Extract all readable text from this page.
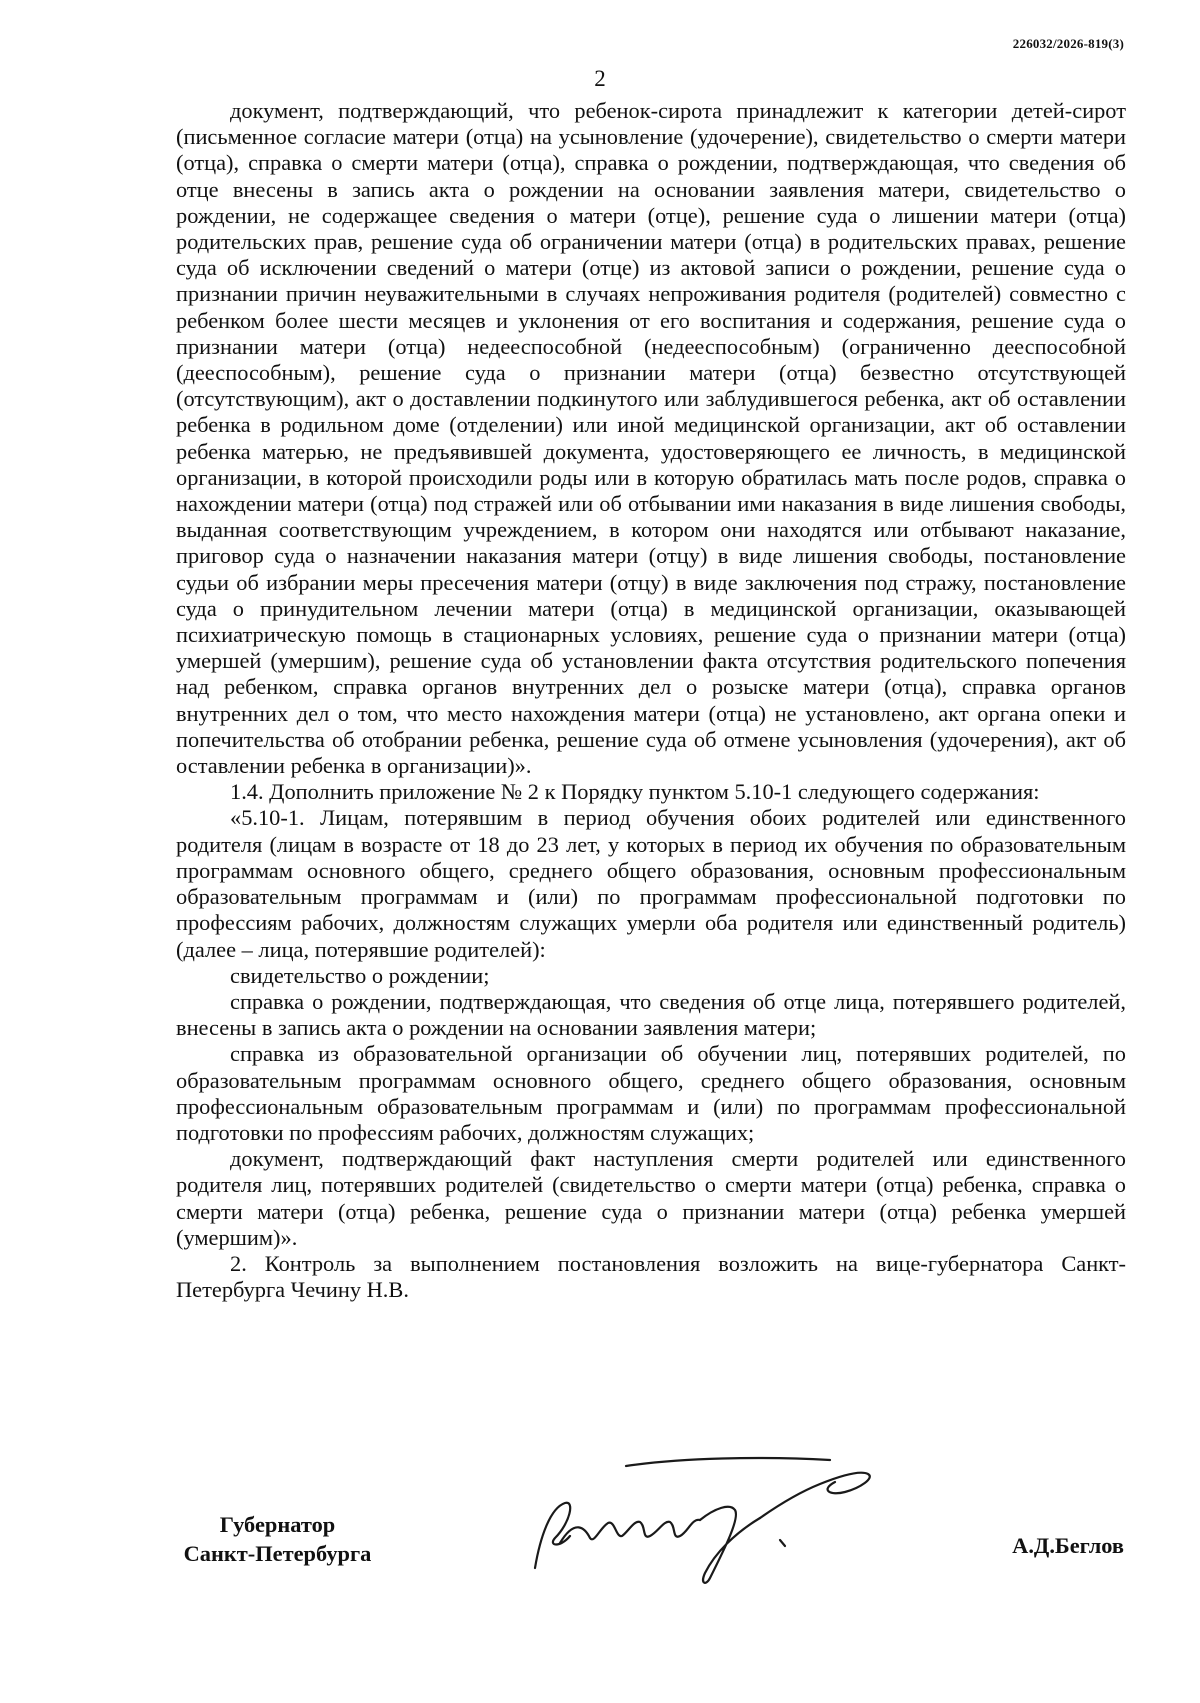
226032/2026-819(3)
2

документ, подтверждающий, что ребенок-сирота принадлежит к категории детей-сирот (письменное согласие матери (отца) на усыновление (удочерение), свидетельство о смерти матери (отца), справка о смерти матери (отца), справка о рождении, подтверждающая, что сведения об отце внесены в запись акта о рождении на основании заявления матери, свидетельство о рождении, не содержащее сведения о матери (отце), решение суда о лишении матери (отца) родительских прав, решение суда об ограничении матери (отца) в родительских правах, решение суда об исключении сведений о матери (отце) из актовой записи о рождении, решение суда о признании причин неуважительными в случаях непроживания родителя (родителей) совместно с ребенком более шести месяцев и уклонения от его воспитания и содержания, решение суда о признании матери (отца) недееспособной (недееспособным) (ограниченно дееспособной (дееспособным), решение суда о признании матери (отца) безвестно отсутствующей (отсутствующим), акт о доставлении подкинутого или заблудившегося ребенка, акт об оставлении ребенка в родильном доме (отделении) или иной медицинской организации, акт об оставлении ребенка матерью, не предъявившей документа, удостоверяющего ее личность, в медицинской организации, в которой происходили роды или в которую обратилась мать после родов, справка о нахождении матери (отца) под стражей или об отбывании ими наказания в виде лишения свободы, выданная соответствующим учреждением, в котором они находятся или отбывают наказание, приговор суда о назначении наказания матери (отцу) в виде лишения свободы, постановление судьи об избрании меры пресечения матери (отцу) в виде заключения под стражу, постановление суда о принудительном лечении матери (отца) в медицинской организации, оказывающей психиатрическую помощь в стационарных условиях, решение суда о признании матери (отца) умершей (умершим), решение суда об установлении факта отсутствия родительского попечения над ребенком, справка органов внутренних дел о розыске матери (отца), справка органов внутренних дел о том, что место нахождения матери (отца) не установлено, акт органа опеки и попечительства об отобрании ребенка, решение суда об отмене усыновления (удочерения), акт об оставлении ребенка в организации)».

1.4. Дополнить приложение № 2 к Порядку пунктом 5.10-1 следующего содержания:

«5.10-1. Лицам, потерявшим в период обучения обоих родителей или единственного родителя (лицам в возрасте от 18 до 23 лет, у которых в период их обучения по образовательным программам основного общего, среднего общего образования, основным профессиональным образовательным программам и (или) по программам профессиональной подготовки по профессиям рабочих, должностям служащих умерли оба родителя или единственный родитель) (далее – лица, потерявшие родителей):

свидетельство о рождении;

справка о рождении, подтверждающая, что сведения об отце лица, потерявшего родителей, внесены в запись акта о рождении на основании заявления матери;

справка из образовательной организации об обучении лиц, потерявших родителей, по образовательным программам основного общего, среднего общего образования, основным профессиональным образовательным программам и (или) по программам профессиональной подготовки по профессиям рабочих, должностям служащих;

документ, подтверждающий факт наступления смерти родителей или единственного родителя лиц, потерявших родителей (свидетельство о смерти матери (отца) ребенка, справка о смерти матери (отца) ребенка, решение суда о признании матери (отца) ребенка умершей (умершим)».

2. Контроль за выполнением постановления возложить на вице-губернатора Санкт-Петербурга Чечину Н.В.

Губернатор
Санкт-Петербурга	А.Д.Беглов
